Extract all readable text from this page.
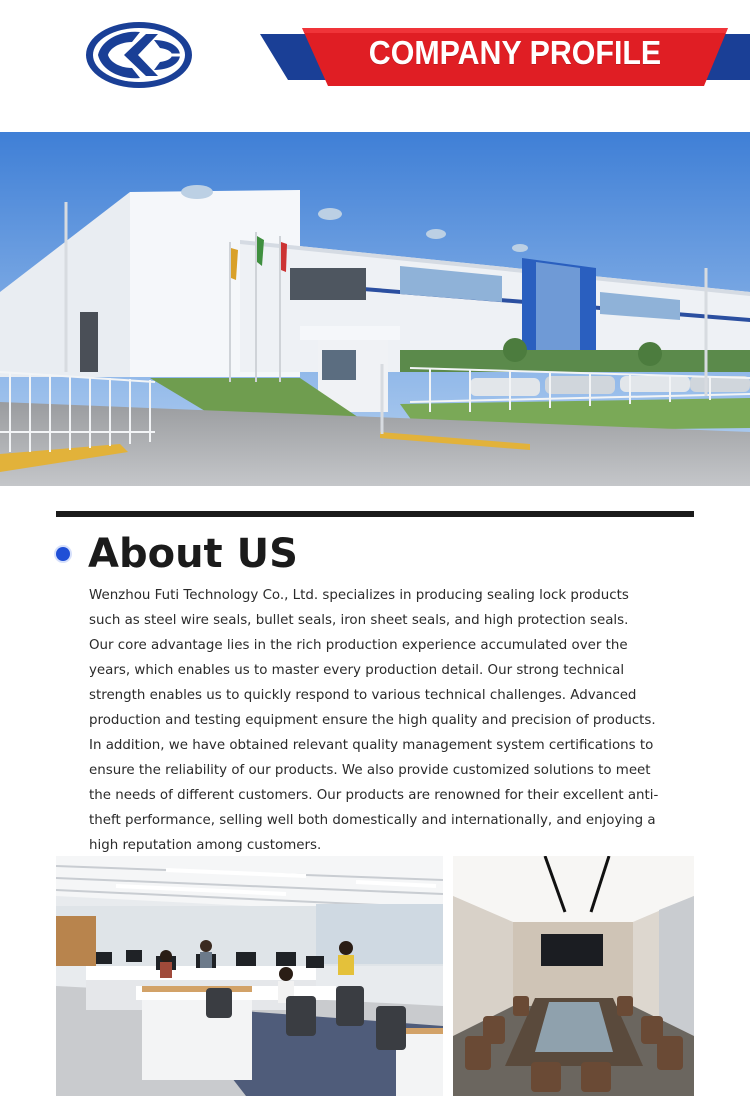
COMPANY PROFILE
About US

Wenzhou Futi Technology Co., Ltd. specializes in producing sealing lock products such as steel wire seals, bullet seals, iron sheet seals, and high protection seals.

Our core advantage lies in the rich production experience accumulated over the years, which enables us to master every production detail. Our strong technical strength enables us to quickly respond to various technical challenges. Advanced production and testing equipment ensure the high quality and precision of products. In addition, we have obtained relevant quality management system certifications to ensure the reliability of our products. We also provide customized solutions to meet the needs of different customers. Our products are renowned for their excellent anti-theft performance, selling well both domestically and internationally, and enjoying a high reputation among customers.
